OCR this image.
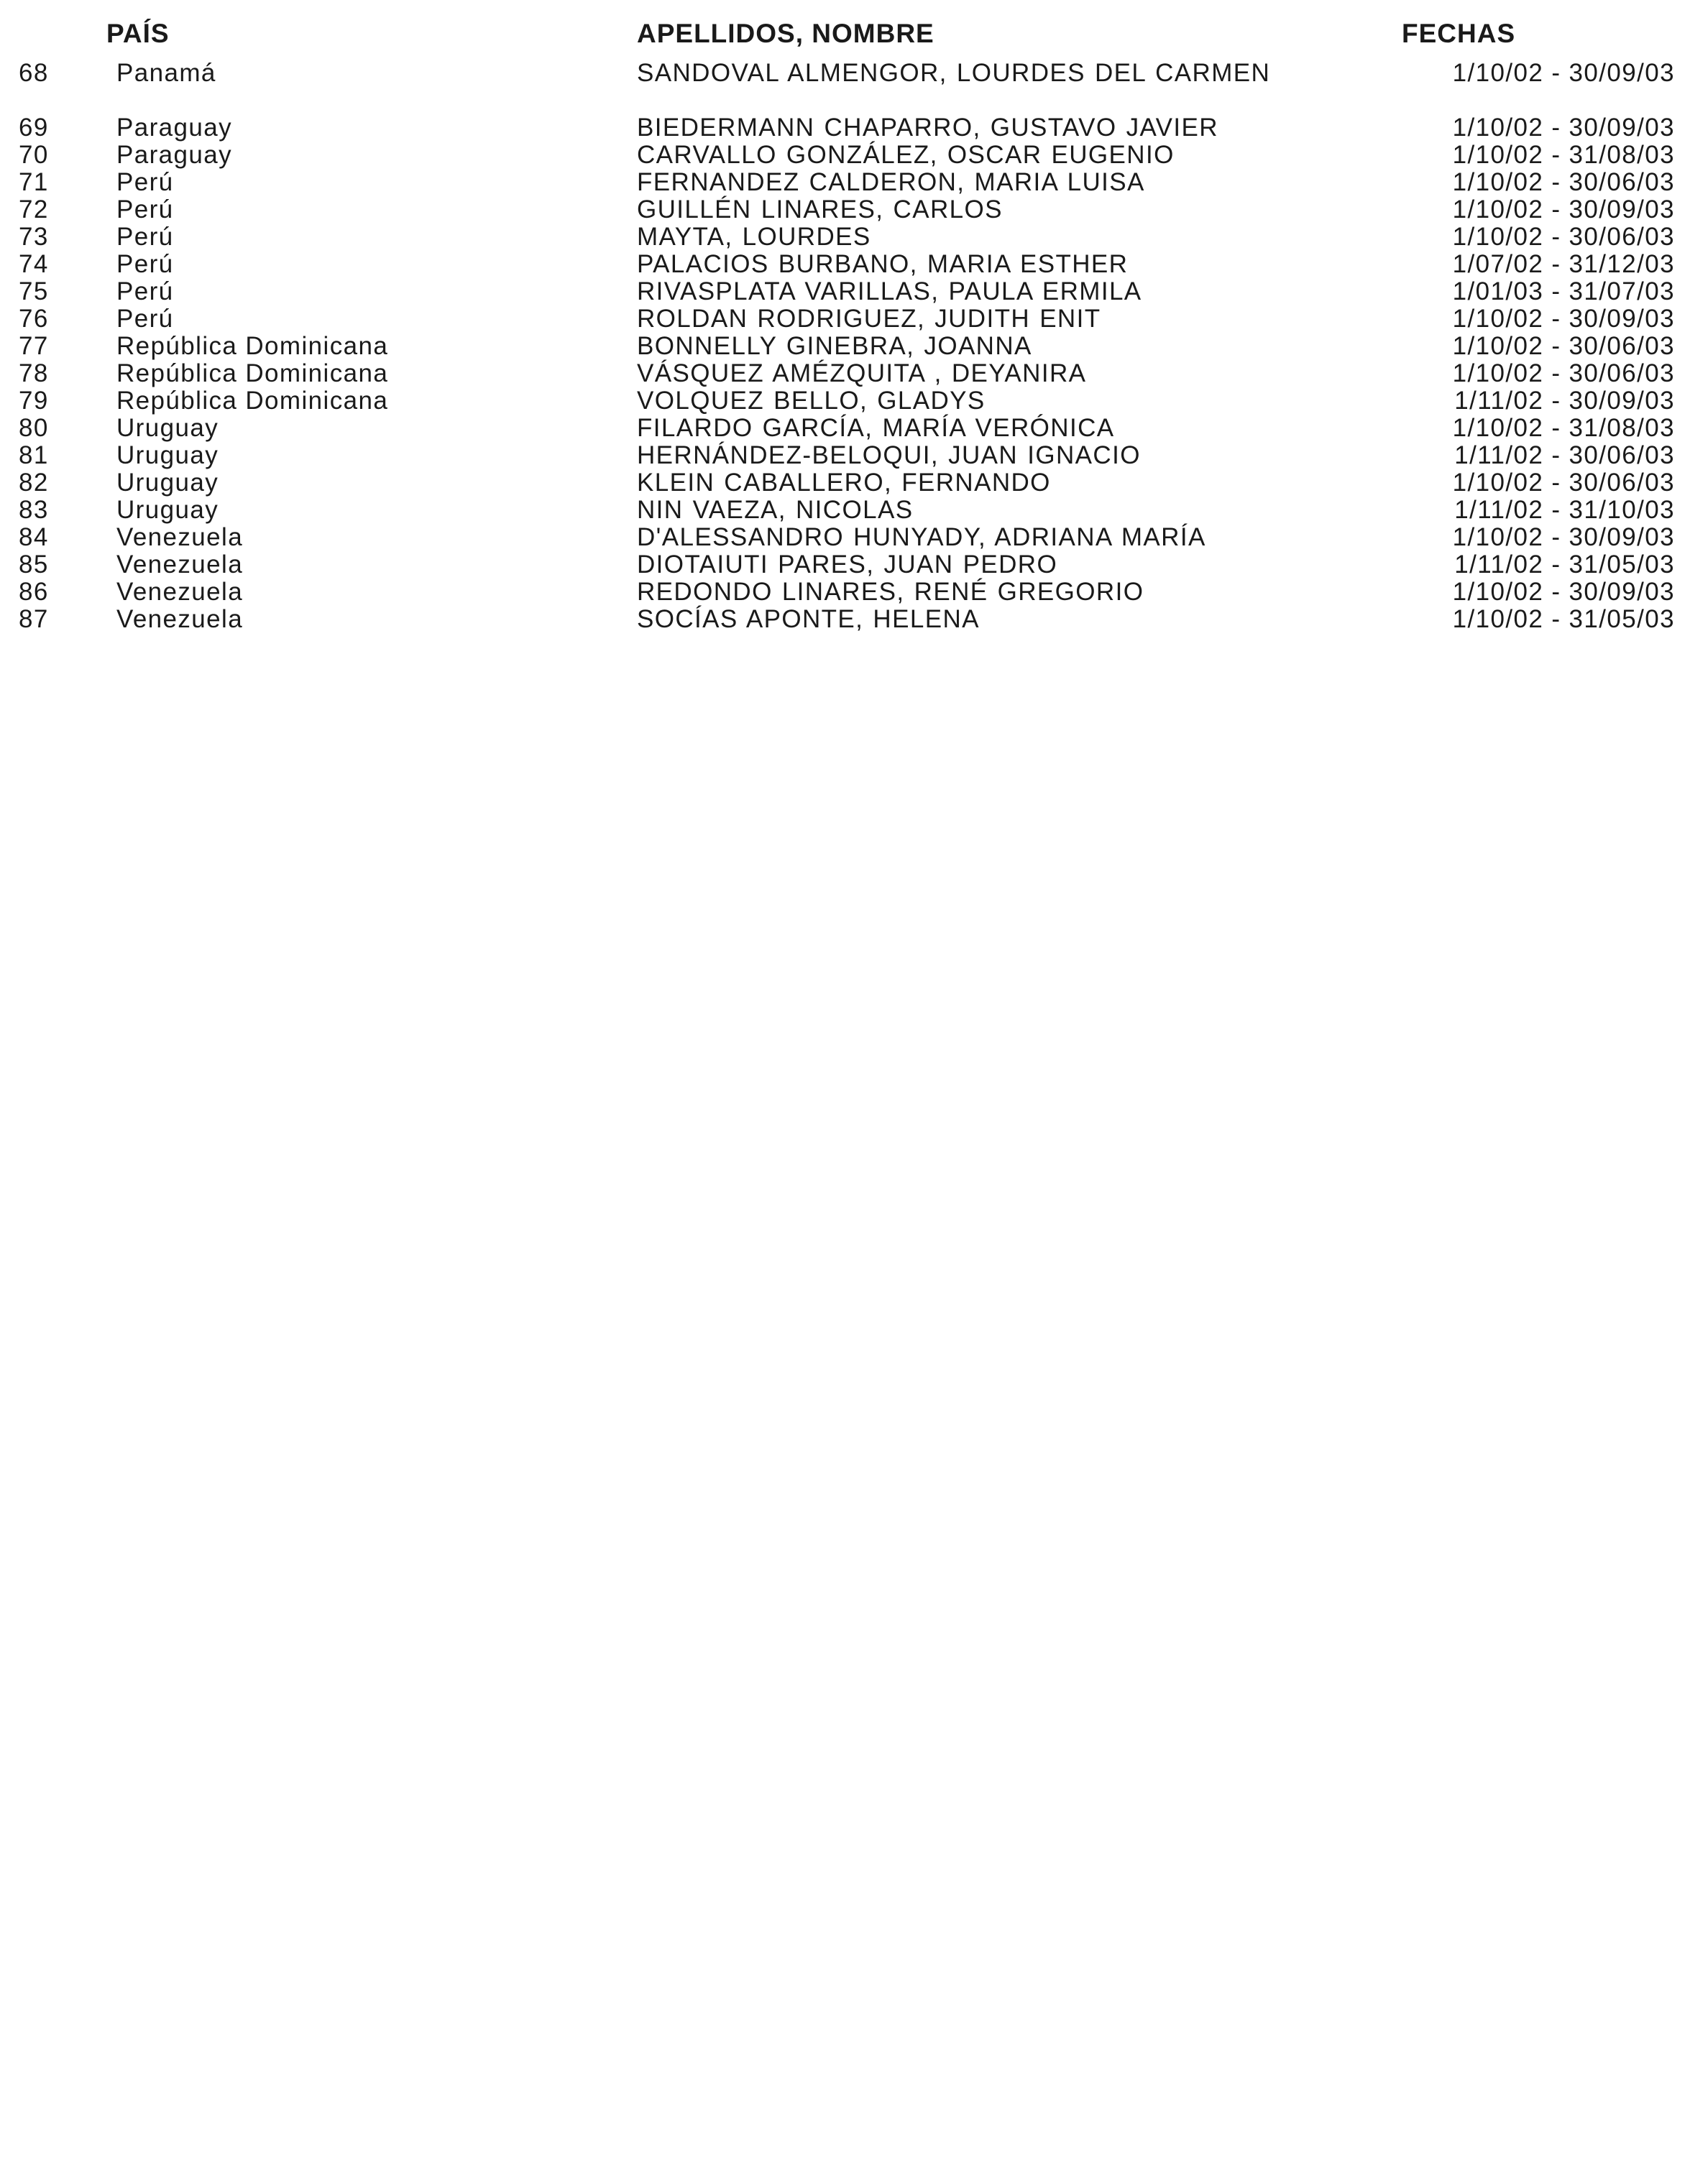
PAÍS	APELLIDOS, NOMBRE	FECHAS
68	Panamá	SANDOVAL ALMENGOR, LOURDES DEL CARMEN	1/10/02 - 30/09/03
69	Paraguay	BIEDERMANN CHAPARRO, GUSTAVO JAVIER	1/10/02 - 30/09/03
70	Paraguay	CARVALLO GONZÁLEZ, OSCAR EUGENIO	1/10/02 - 31/08/03
71	Perú	FERNANDEZ CALDERON, MARIA LUISA	1/10/02 - 30/06/03
72	Perú	GUILLÉN LINARES, CARLOS	1/10/02 - 30/09/03
73	Perú	MAYTA, LOURDES	1/10/02 - 30/06/03
74	Perú	PALACIOS BURBANO, MARIA ESTHER	1/07/02 - 31/12/03
75	Perú	RIVASPLATA VARILLAS, PAULA ERMILA	1/01/03 - 31/07/03
76	Perú	ROLDAN RODRIGUEZ, JUDITH ENIT	1/10/02 - 30/09/03
77	República Dominicana	BONNELLY GINEBRA, JOANNA	1/10/02 - 30/06/03
78	República Dominicana	VÁSQUEZ AMÉZQUITA , DEYANIRA	1/10/02 - 30/06/03
79	República Dominicana	VOLQUEZ BELLO, GLADYS	1/11/02 - 30/09/03
80	Uruguay	FILARDO GARCÍA, MARÍA VERÓNICA	1/10/02 - 31/08/03
81	Uruguay	HERNÁNDEZ-BELOQUI, JUAN IGNACIO	1/11/02 - 30/06/03
82	Uruguay	KLEIN CABALLERO, FERNANDO	1/10/02 - 30/06/03
83	Uruguay	NIN VAEZA, NICOLAS	1/11/02 - 31/10/03
84	Venezuela	D'ALESSANDRO HUNYADY, ADRIANA MARÍA	1/10/02 - 30/09/03
85	Venezuela	DIOTAIUTI PARES, JUAN PEDRO	1/11/02 - 31/05/03
86	Venezuela	REDONDO LINARES, RENÉ GREGORIO	1/10/02 - 30/09/03
87	Venezuela	SOCÍAS APONTE, HELENA	1/10/02 - 31/05/03
